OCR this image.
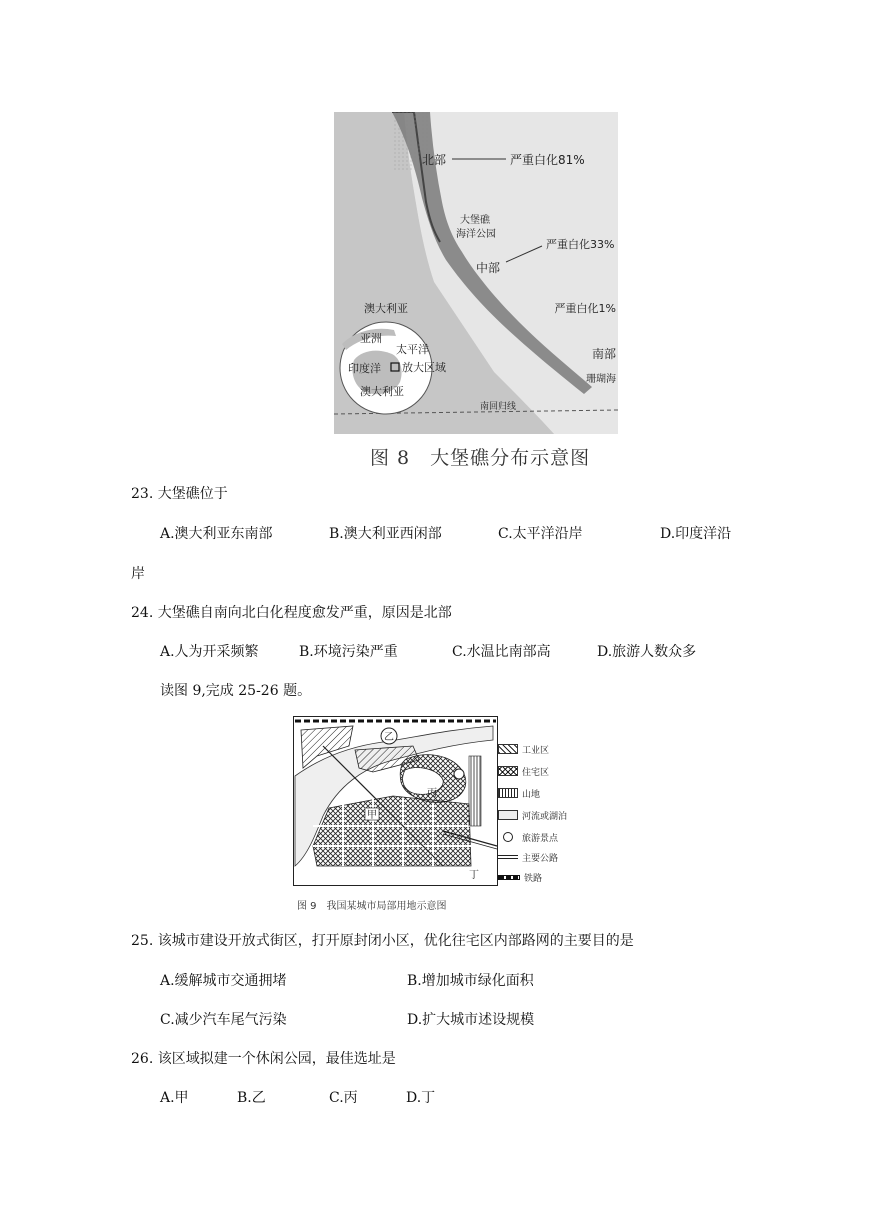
北部	严重白化81%
大堡礁
海洋公园
严重白化33%
中部
澳大利亚	严重白化1%
亚洲
太平洋
印度洋 放大区域
澳大利亚
南部
珊瑚海
南回归线
图 8　大堡礁分布示意图
23. 大堡礁位于
A.澳大利亚东南部	B.澳大利亚西闲部	C.太平洋沿岸	D.印度洋沿
岸
24. 大堡礁自南向北白化程度愈发严重，原因是北部
A.人为开采频繁	B.环境污染严重	C.水温比南部高	D.旅游人数众多
读图 9,完成 25-26 题。
乙
甲
丙
丁
工业区
住宅区
山地
河流或湖泊
旅游景点
主要公路
铁路
图 9　我国某城市局部用地示意图
25. 该城市建设开放式街区，打开原封闭小区，优化往宅区内部路网的主要目的是
A.缓解城市交通拥堵	B.增加城市绿化面积
C.减少汽车尾气污染	D.扩大城市述设规模
26. 该区域拟建一个休闲公园，最佳选址是
A.甲	B.乙	C.丙	D.丁
